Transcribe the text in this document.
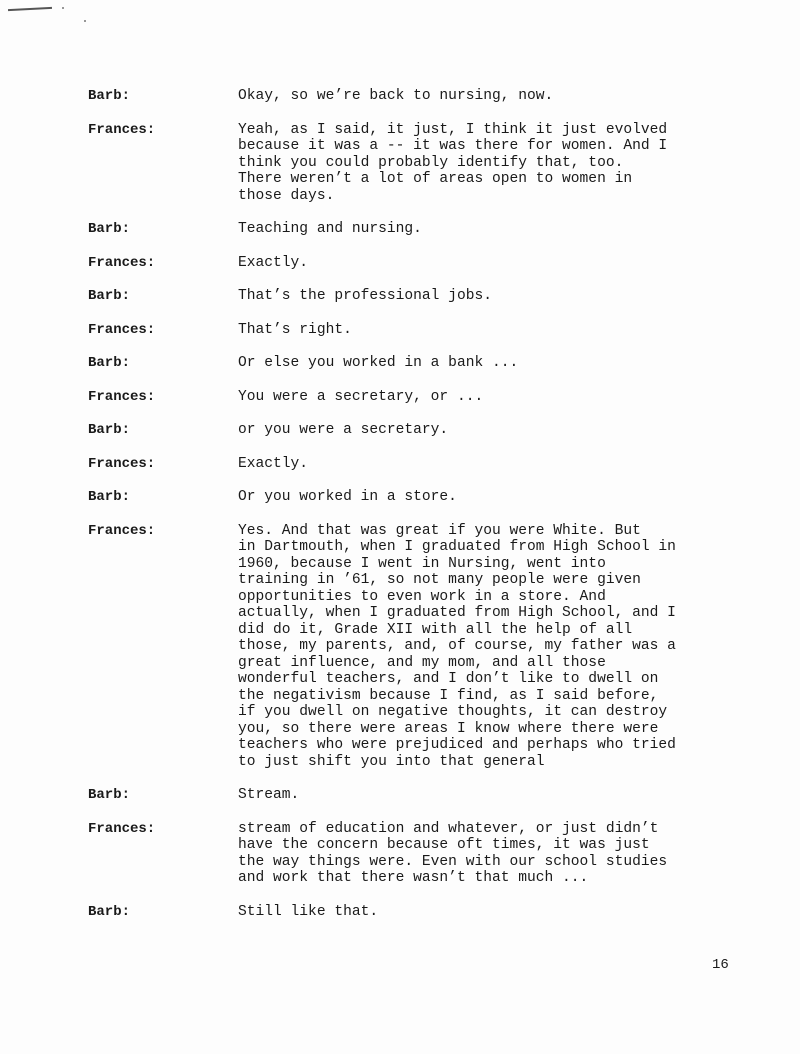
Barb:	Okay, so we’re back to nursing, now.
Frances:	Yeah, as I said, it just, I think it just evolved
because it was a -- it was there for women. And I
think you could probably identify that, too.
There weren’t a lot of areas open to women in
those days.
Barb:	Teaching and nursing.
Frances:	Exactly.
Barb:	That’s the professional jobs.
Frances:	That’s right.
Barb:	Or else you worked in a bank ...
Frances:	You were a secretary, or ...
Barb:	or you were a secretary.
Frances:	Exactly.
Barb:	Or you worked in a store.
Frances:	Yes. And that was great if you were White. But
in Dartmouth, when I graduated from High School in
1960, because I went in Nursing, went into
training in ’61, so not many people were given
opportunities to even work in a store. And
actually, when I graduated from High School, and I
did do it, Grade XII with all the help of all
those, my parents, and, of course, my father was a
great influence, and my mom, and all those
wonderful teachers, and I don’t like to dwell on
the negativism because I find, as I said before,
if you dwell on negative thoughts, it can destroy
you, so there were areas I know where there were
teachers who were prejudiced and perhaps who tried
to just shift you into that general
Barb:	Stream.
Frances:	stream of education and whatever, or just didn’t
have the concern because oft times, it was just
the way things were. Even with our school studies
and work that there wasn’t that much ...
Barb:	Still like that.
16
